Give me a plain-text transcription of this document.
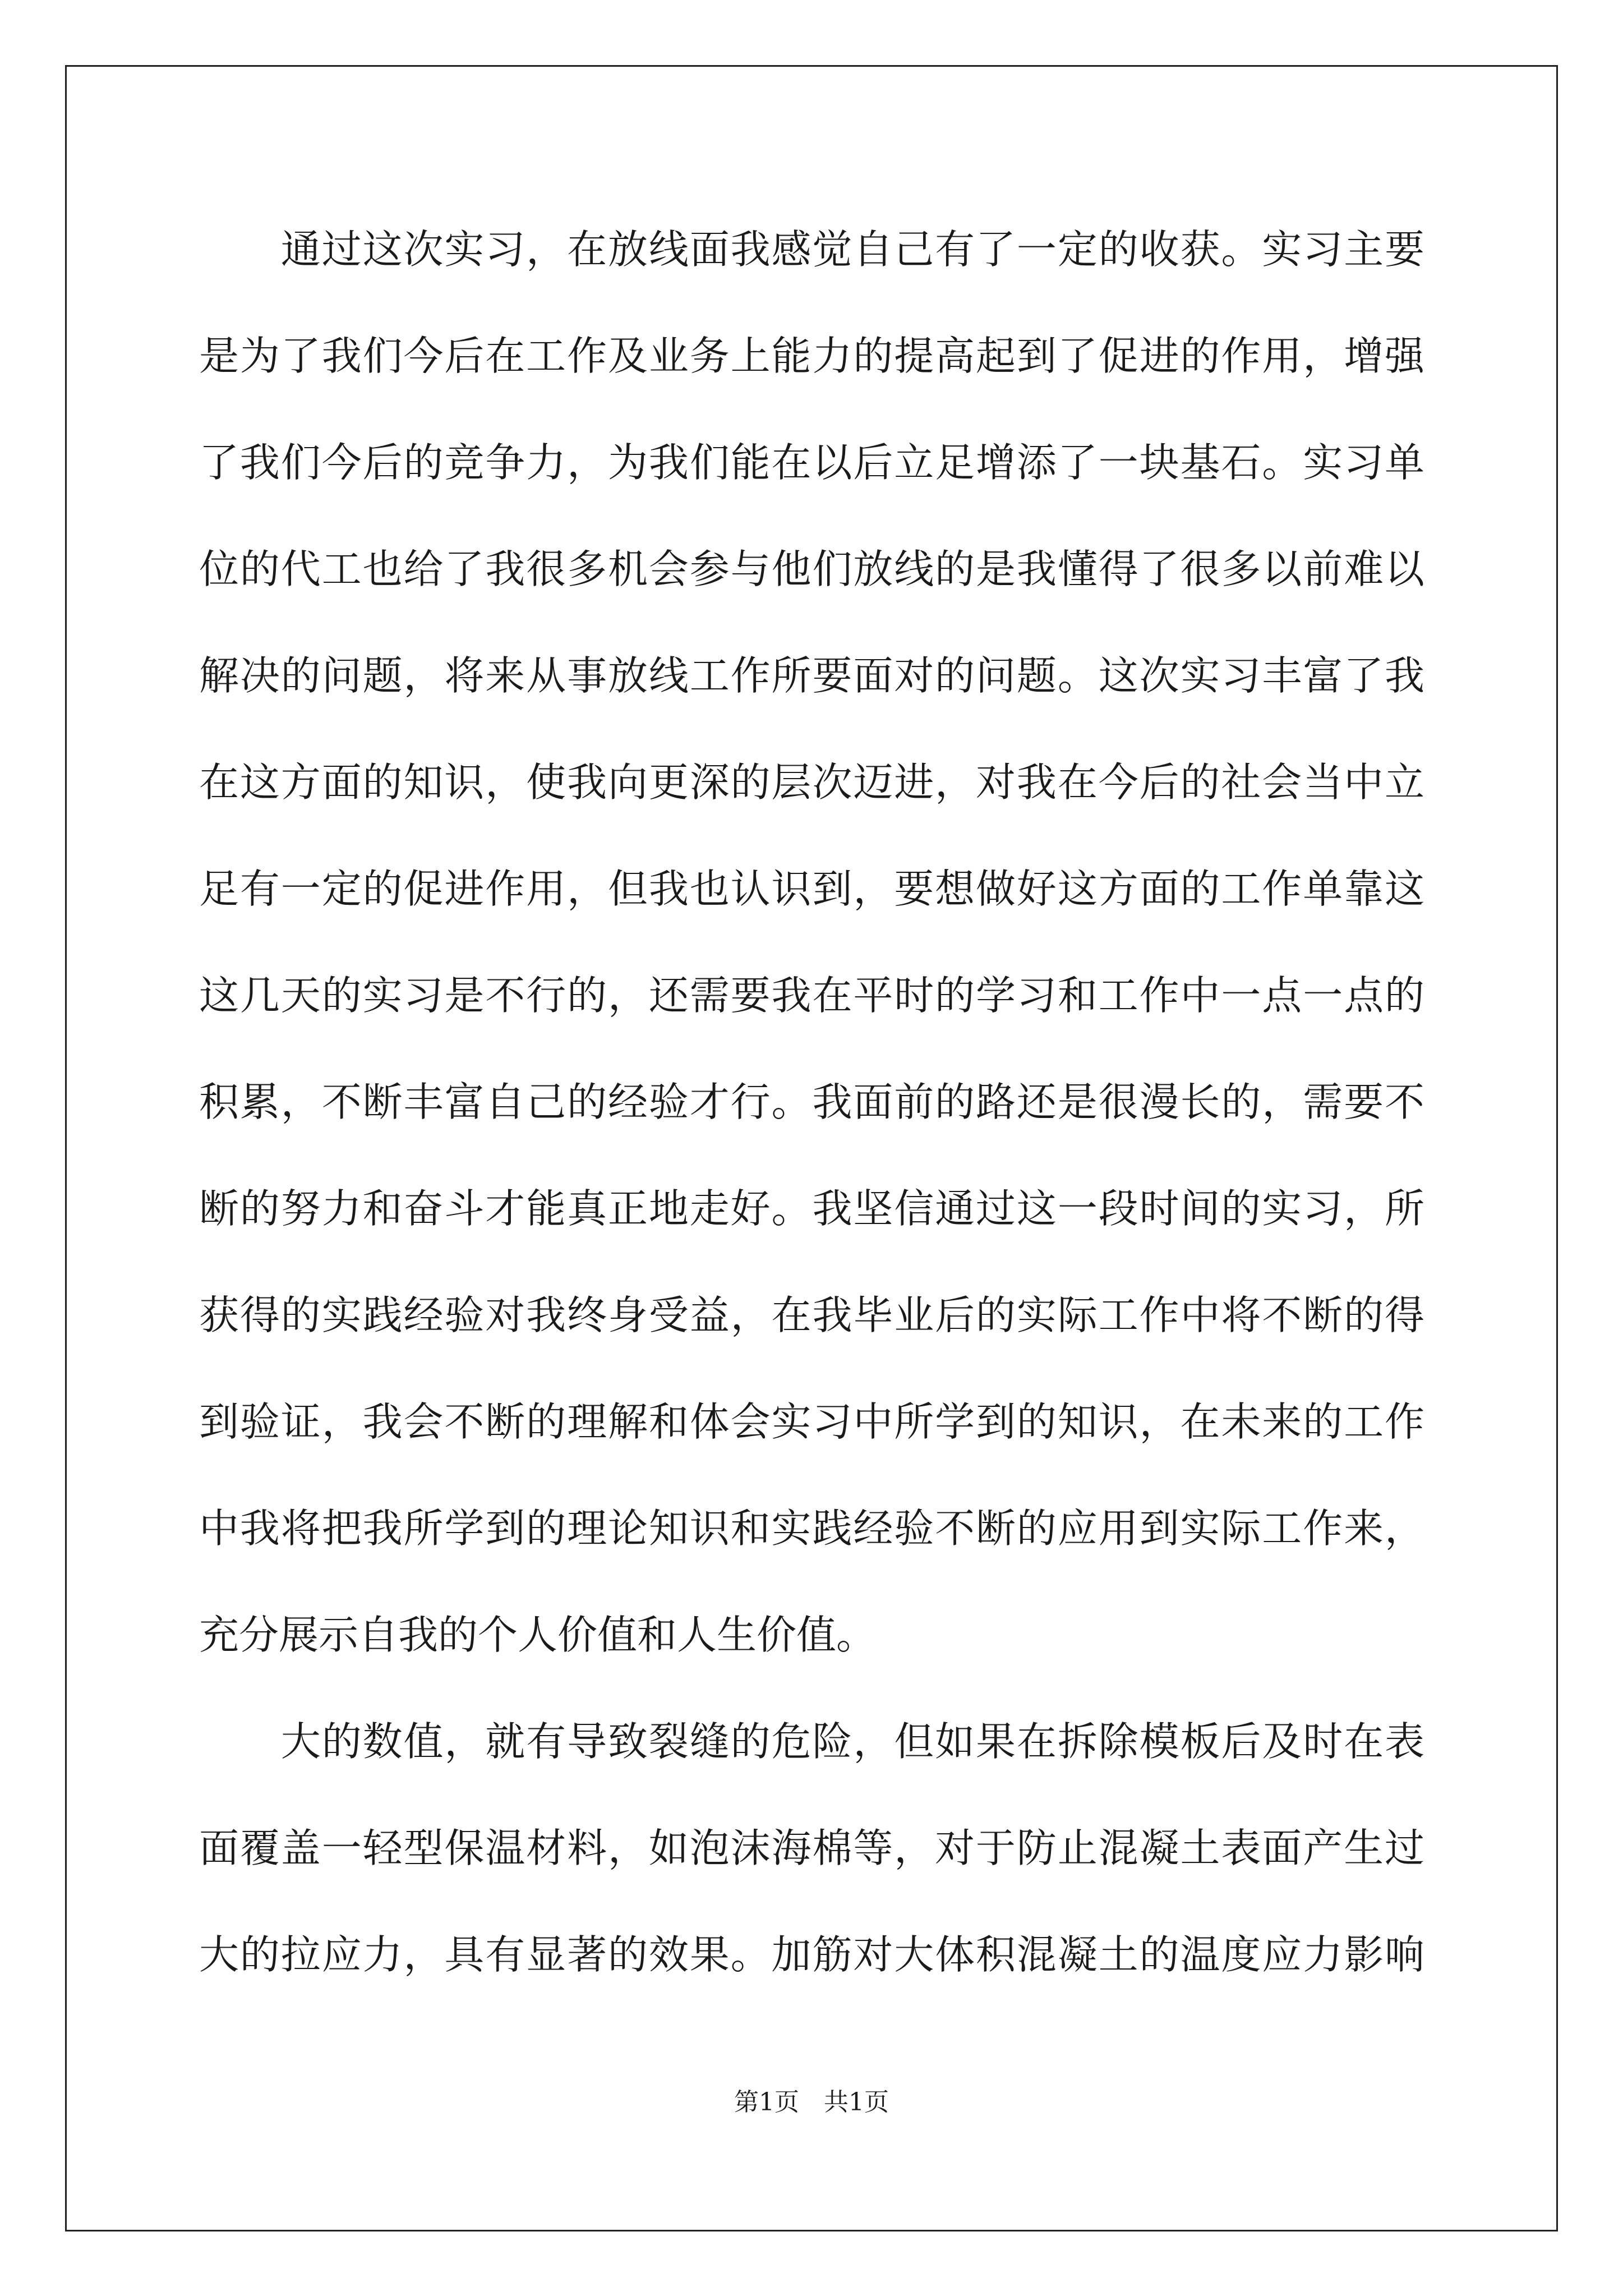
　　通过这次实习，在放线面我感觉自己有了一定的收获。实习主要
是为了我们今后在工作及业务上能力的提高起到了促进的作用，增强
了我们今后的竞争力，为我们能在以后立足增添了一块基石。实习单
位的代工也给了我很多机会参与他们放线的是我懂得了很多以前难以
解决的问题，将来从事放线工作所要面对的问题。这次实习丰富了我
在这方面的知识，使我向更深的层次迈进，对我在今后的社会当中立
足有一定的促进作用，但我也认识到，要想做好这方面的工作单靠这
这几天的实习是不行的，还需要我在平时的学习和工作中一点一点的
积累，不断丰富自己的经验才行。我面前的路还是很漫长的，需要不
断的努力和奋斗才能真正地走好。我坚信通过这一段时间的实习，所
获得的实践经验对我终身受益，在我毕业后的实际工作中将不断的得
到验证，我会不断的理解和体会实习中所学到的知识，在未来的工作
中我将把我所学到的理论知识和实践经验不断的应用到实际工作来，
充分展示自我的个人价值和人生价值。
　　大的数值，就有导致裂缝的危险，但如果在拆除模板后及时在表
面覆盖一轻型保温材料，如泡沫海棉等，对于防止混凝土表面产生过
大的拉应力，具有显著的效果。加筋对大体积混凝土的温度应力影响
第1页　共1页
